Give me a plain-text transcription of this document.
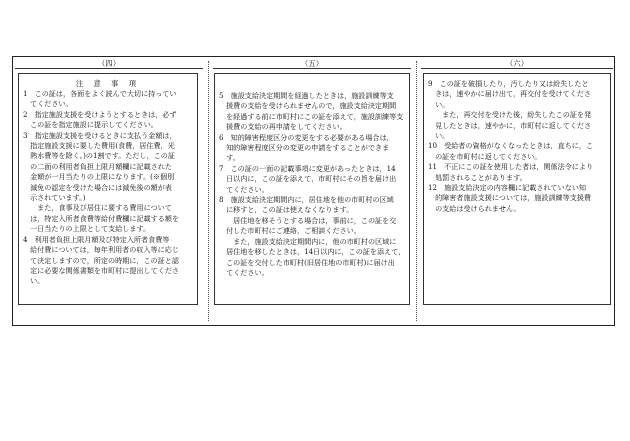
（四）

注 意 事 項

1　この証は，各面をよく読んで大切に持ってい

　てください。

2　指定施設支援を受けようとするときは，必ず

　この証を指定施設に提示してください。

3　指定施設支援を受けるときに支払う金額は，

　指定施設支援に要した費用(食費，居住費，光

　熱水費等を除く。)の1割です。ただし，この証

　の二面の利用者負担上限月額欄に記載された

　金額が一月当たりの上限になります。(※個別

　減免の認定を受けた場合には減免後の額が表

　示されています。)

　　また，食事及び居住に要する費用について

　は，特定入所者食費等給付費欄に記載する額を

　一日当たりの上限として支給します。

4　利用者負担上限月額及び特定入所者食費等

　給付費については，毎年利用者の収入等に応じ

　て決定しますので，所定の時期に，この証と認

　定に必要な関係書類を市町村に提出してくださ

　い。

（五）

5　施設支給決定期間を経過したときは，施設訓練等支

　援費の支給を受けられませんので，施設支給決定期間

　を経過する前に市町村にこの証を添えて，施設訓練等支

　援費の支給の再申請をしてください。

6　知的障害程度区分の変更をする必要がある場合は，

　知的障害程度区分の変更の申請をすることができま

　す。

7　この証の一面の記載事項に変更があったときは，14

　日以内に，この証を添えて，市町村にその旨を届け出

　てください。

8　施設支給決定期間内に，居住地を他の市町村の区域

　に移すと，この証は使えなくなります。

　　居住地を移そうとする場合は，事前に，この証を交

　付した市町村にご連絡，ご相談ください。

　　また，施設支給決定期間内に，他の市町村の区域に

　居住地を移したときは，14日以内に，この証を添えて，

　この証を交付した市町村(旧居住地の市町村)に届け出

　てください。

（六）

9　この証を破損したり，汚したり又は紛失したと

　きは，速やかに届け出て，再交付を受けてくださ

　い。

　　また，再交付を受けた後，紛失したこの証を発

　見したときは，速やかに，市町村に返してくださ

　い。

10　受給者の資格がなくなったときは，直ちに，こ

　の証を市町村に返してください。

11　不正にこの証を使用した者は，関係法令により

　処罰されることがあります。

12　施設支給決定の内容欄に記載されていない知

　的障害者施設支援については，施設訓練等支援費

　の支給は受けられません。
